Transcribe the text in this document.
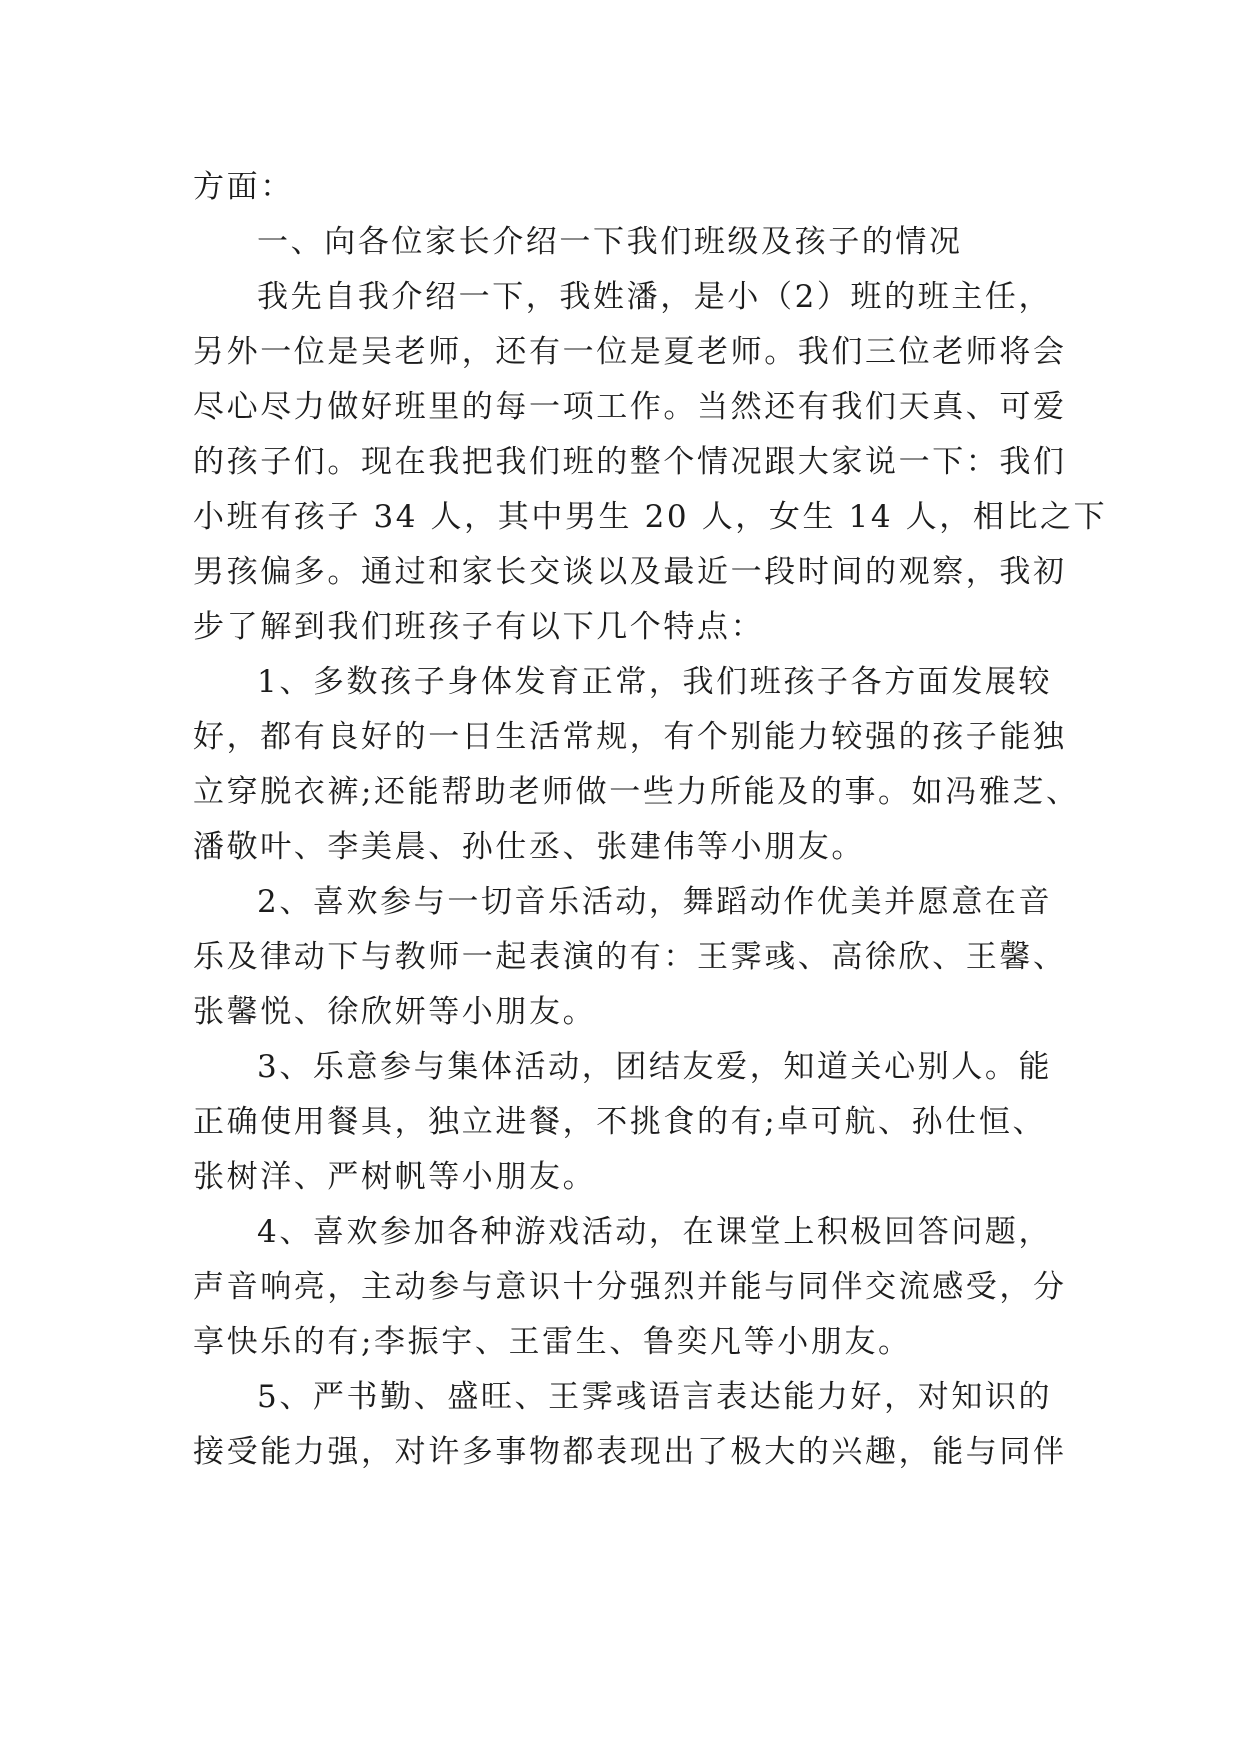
方面：
一、向各位家长介绍一下我们班级及孩子的情况
我先自我介绍一下，我姓潘，是小（2）班的班主任，
另外一位是吴老师，还有一位是夏老师。我们三位老师将会
尽心尽力做好班里的每一项工作。当然还有我们天真、可爱
的孩子们。现在我把我们班的整个情况跟大家说一下：我们
小班有孩子 34 人，其中男生 20 人，女生 14 人，相比之下
男孩偏多。通过和家长交谈以及最近一段时间的观察，我初
步了解到我们班孩子有以下几个特点：
1、多数孩子身体发育正常，我们班孩子各方面发展较
好，都有良好的一日生活常规，有个别能力较强的孩子能独
立穿脱衣裤;还能帮助老师做一些力所能及的事。如冯雅芝、
潘敬叶、李美晨、孙仕丞、张建伟等小朋友。
2、喜欢参与一切音乐活动，舞蹈动作优美并愿意在音
乐及律动下与教师一起表演的有：王霁彧、高徐欣、王馨、
张馨悦、徐欣妍等小朋友。
3、乐意参与集体活动，团结友爱，知道关心别人。能
正确使用餐具，独立进餐，不挑食的有;卓可航、孙仕恒、
张树洋、严树帆等小朋友。
4、喜欢参加各种游戏活动，在课堂上积极回答问题，
声音响亮，主动参与意识十分强烈并能与同伴交流感受，分
享快乐的有;李振宇、王雷生、鲁奕凡等小朋友。
5、严书勤、盛旺、王霁彧语言表达能力好，对知识的
接受能力强，对许多事物都表现出了极大的兴趣，能与同伴
